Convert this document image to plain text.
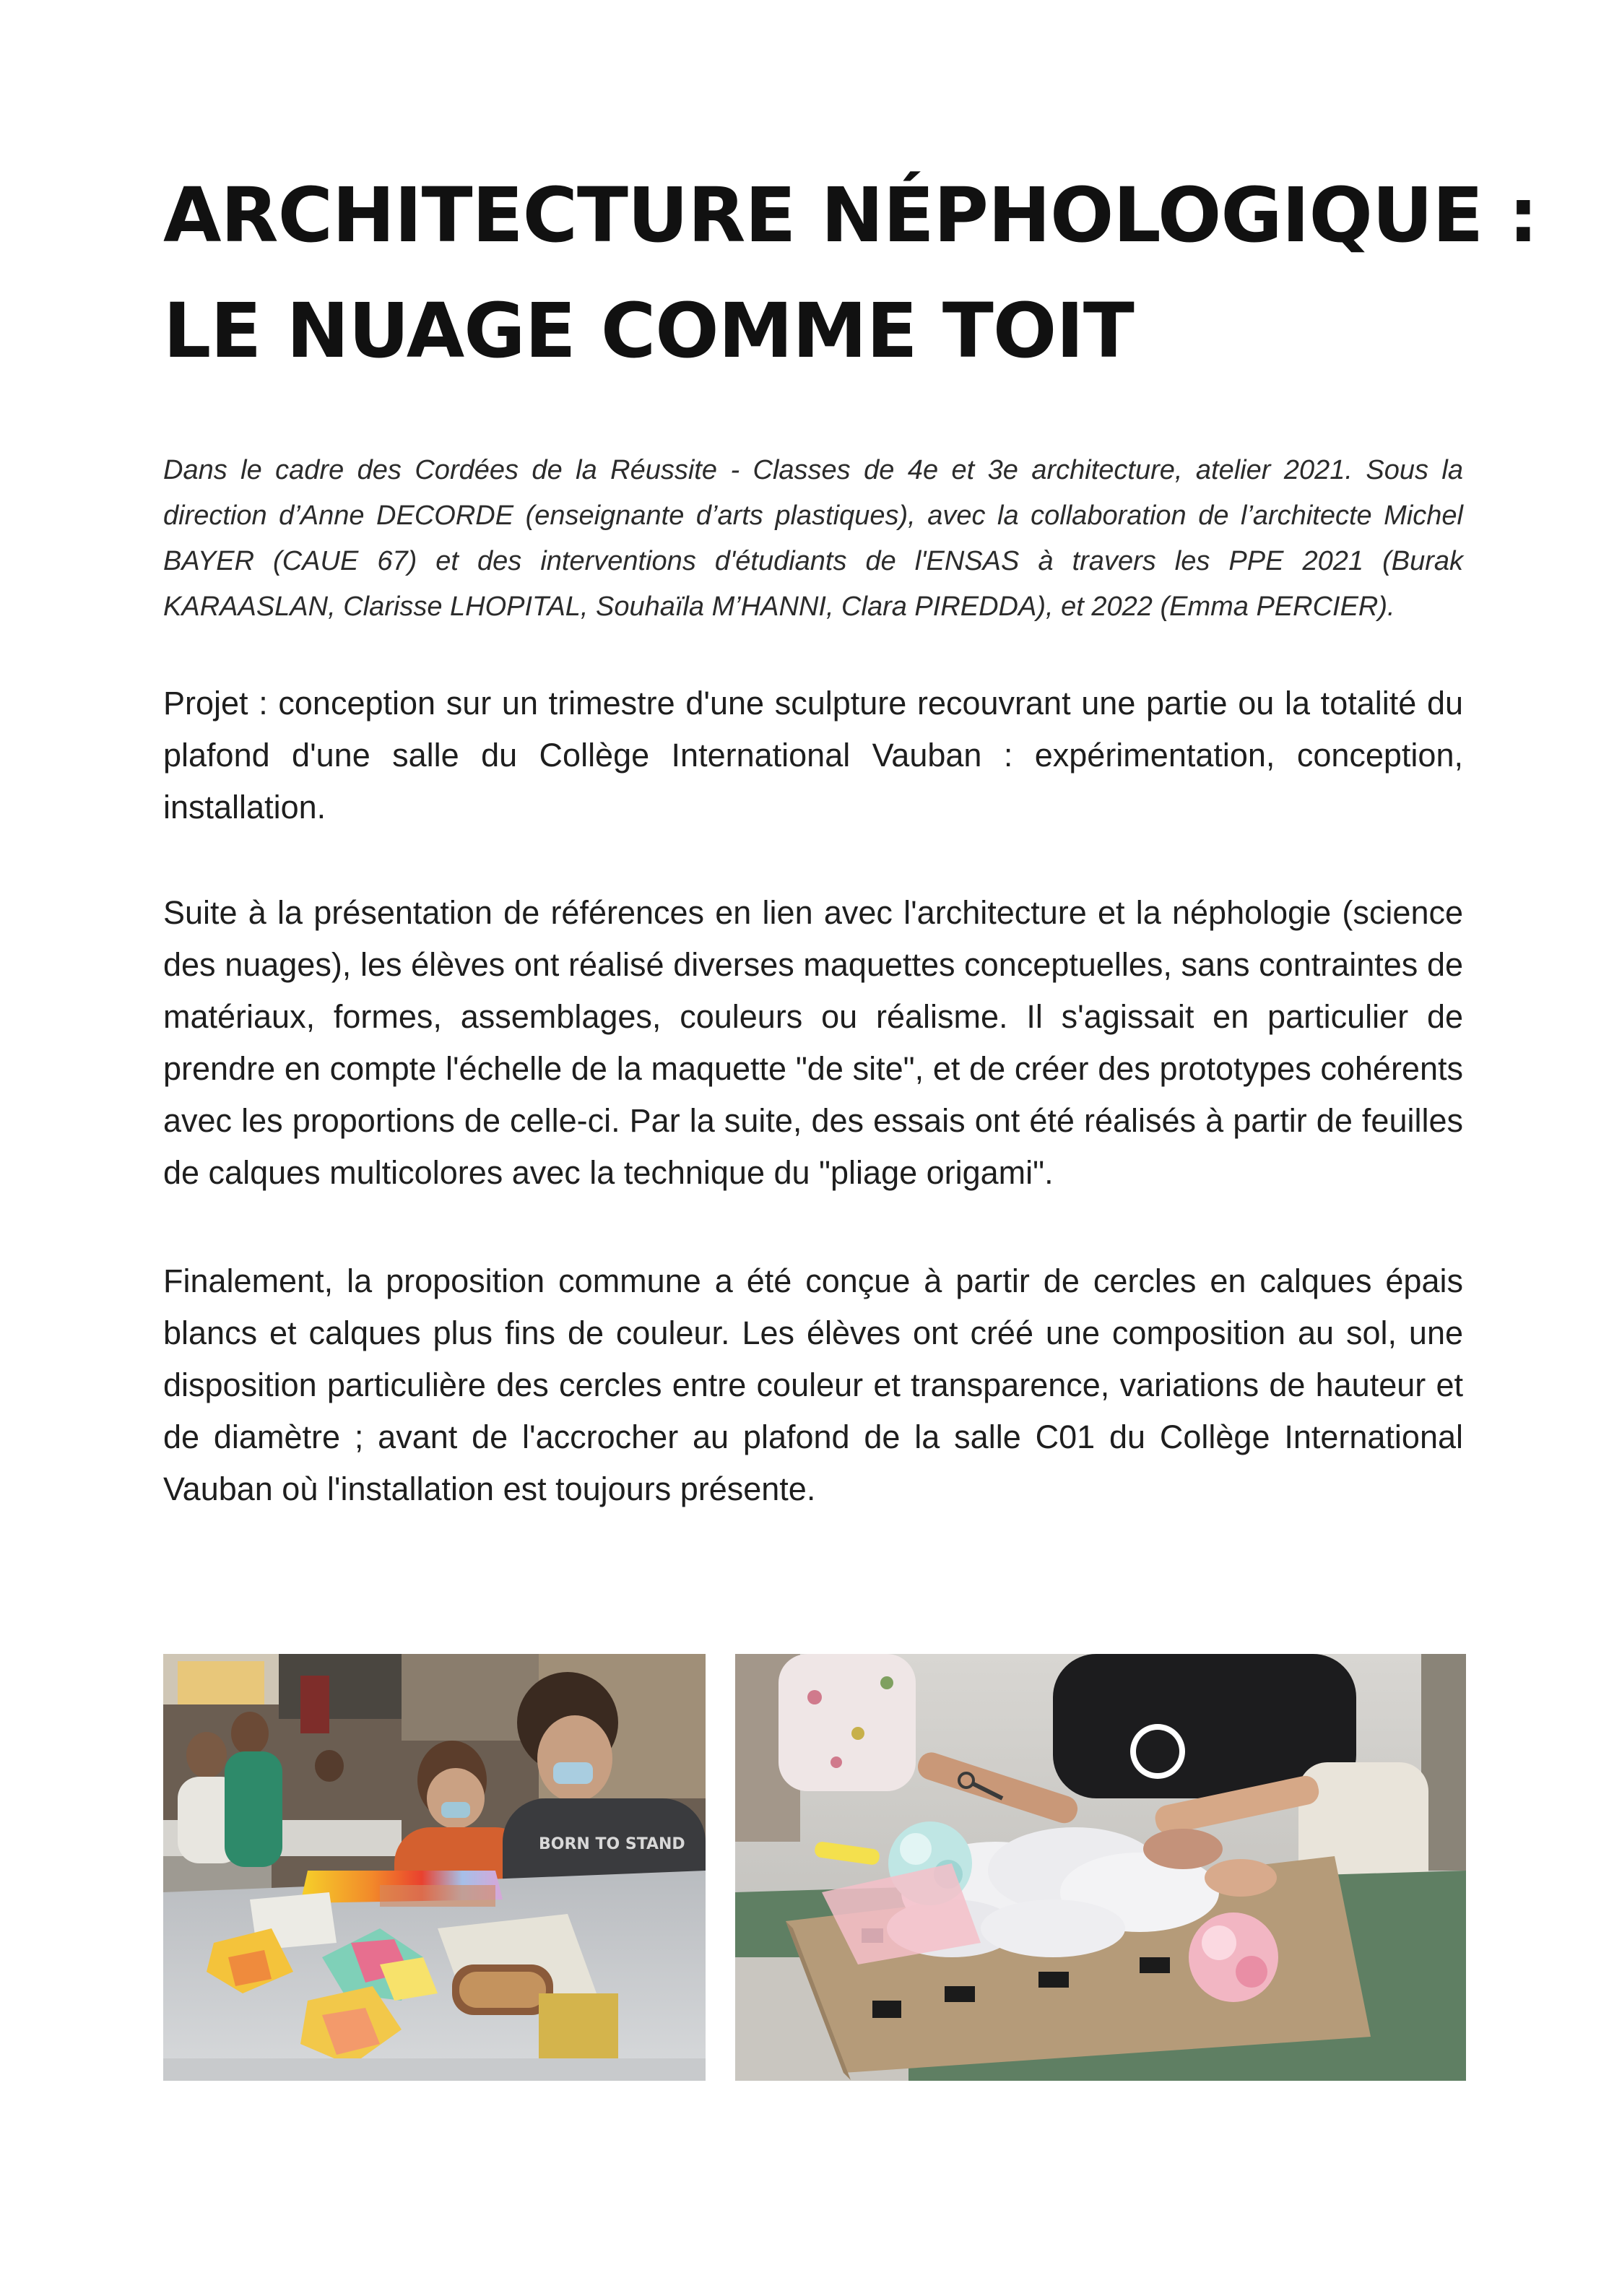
ARCHITECTURE NÉPHOLOGIQUE :
LE NUAGE COMME TOIT

Dans le cadre des Cordées de la Réussite - Classes de 4e et 3e architecture, atelier 2021. Sous la direction d’Anne DECORDE (enseignante d’arts plastiques), avec la collaboration de l’architecte Michel BAYER (CAUE 67) et des interventions d'étudiants de l'ENSAS à travers les PPE 2021 (Burak KARAASLAN, Clarisse LHOPITAL, Souhaïla M’HANNI, Clara PIREDDA), et 2022 (Emma PERCIER).

Projet : conception sur un trimestre d'une sculpture recouvrant une partie ou la totalité du plafond d'une salle du Collège International Vauban : expérimentation, conception, installation.

Suite à la présentation de références en lien avec l'architecture et la néphologie (science des nuages), les élèves ont réalisé diverses maquettes conceptuelles, sans contraintes de matériaux, formes, assemblages, couleurs ou réalisme. Il s'agissait en particulier de prendre en compte l'échelle de la maquette "de site", et de créer des prototypes cohérents avec les proportions de celle-ci. Par la suite, des essais ont été réalisés à partir de feuilles de calques multicolores avec la technique du "pliage origami".

Finalement, la proposition commune a été conçue à partir de cercles en calques épais blancs et calques plus fins de couleur. Les élèves ont créé une composition au sol, une disposition particulière des cercles entre couleur et transparence, variations de hauteur et de diamètre ; avant de l'accrocher au plafond de la salle C01 du Collège International Vauban où l'installation est toujours présente.

BORN TO STAND
